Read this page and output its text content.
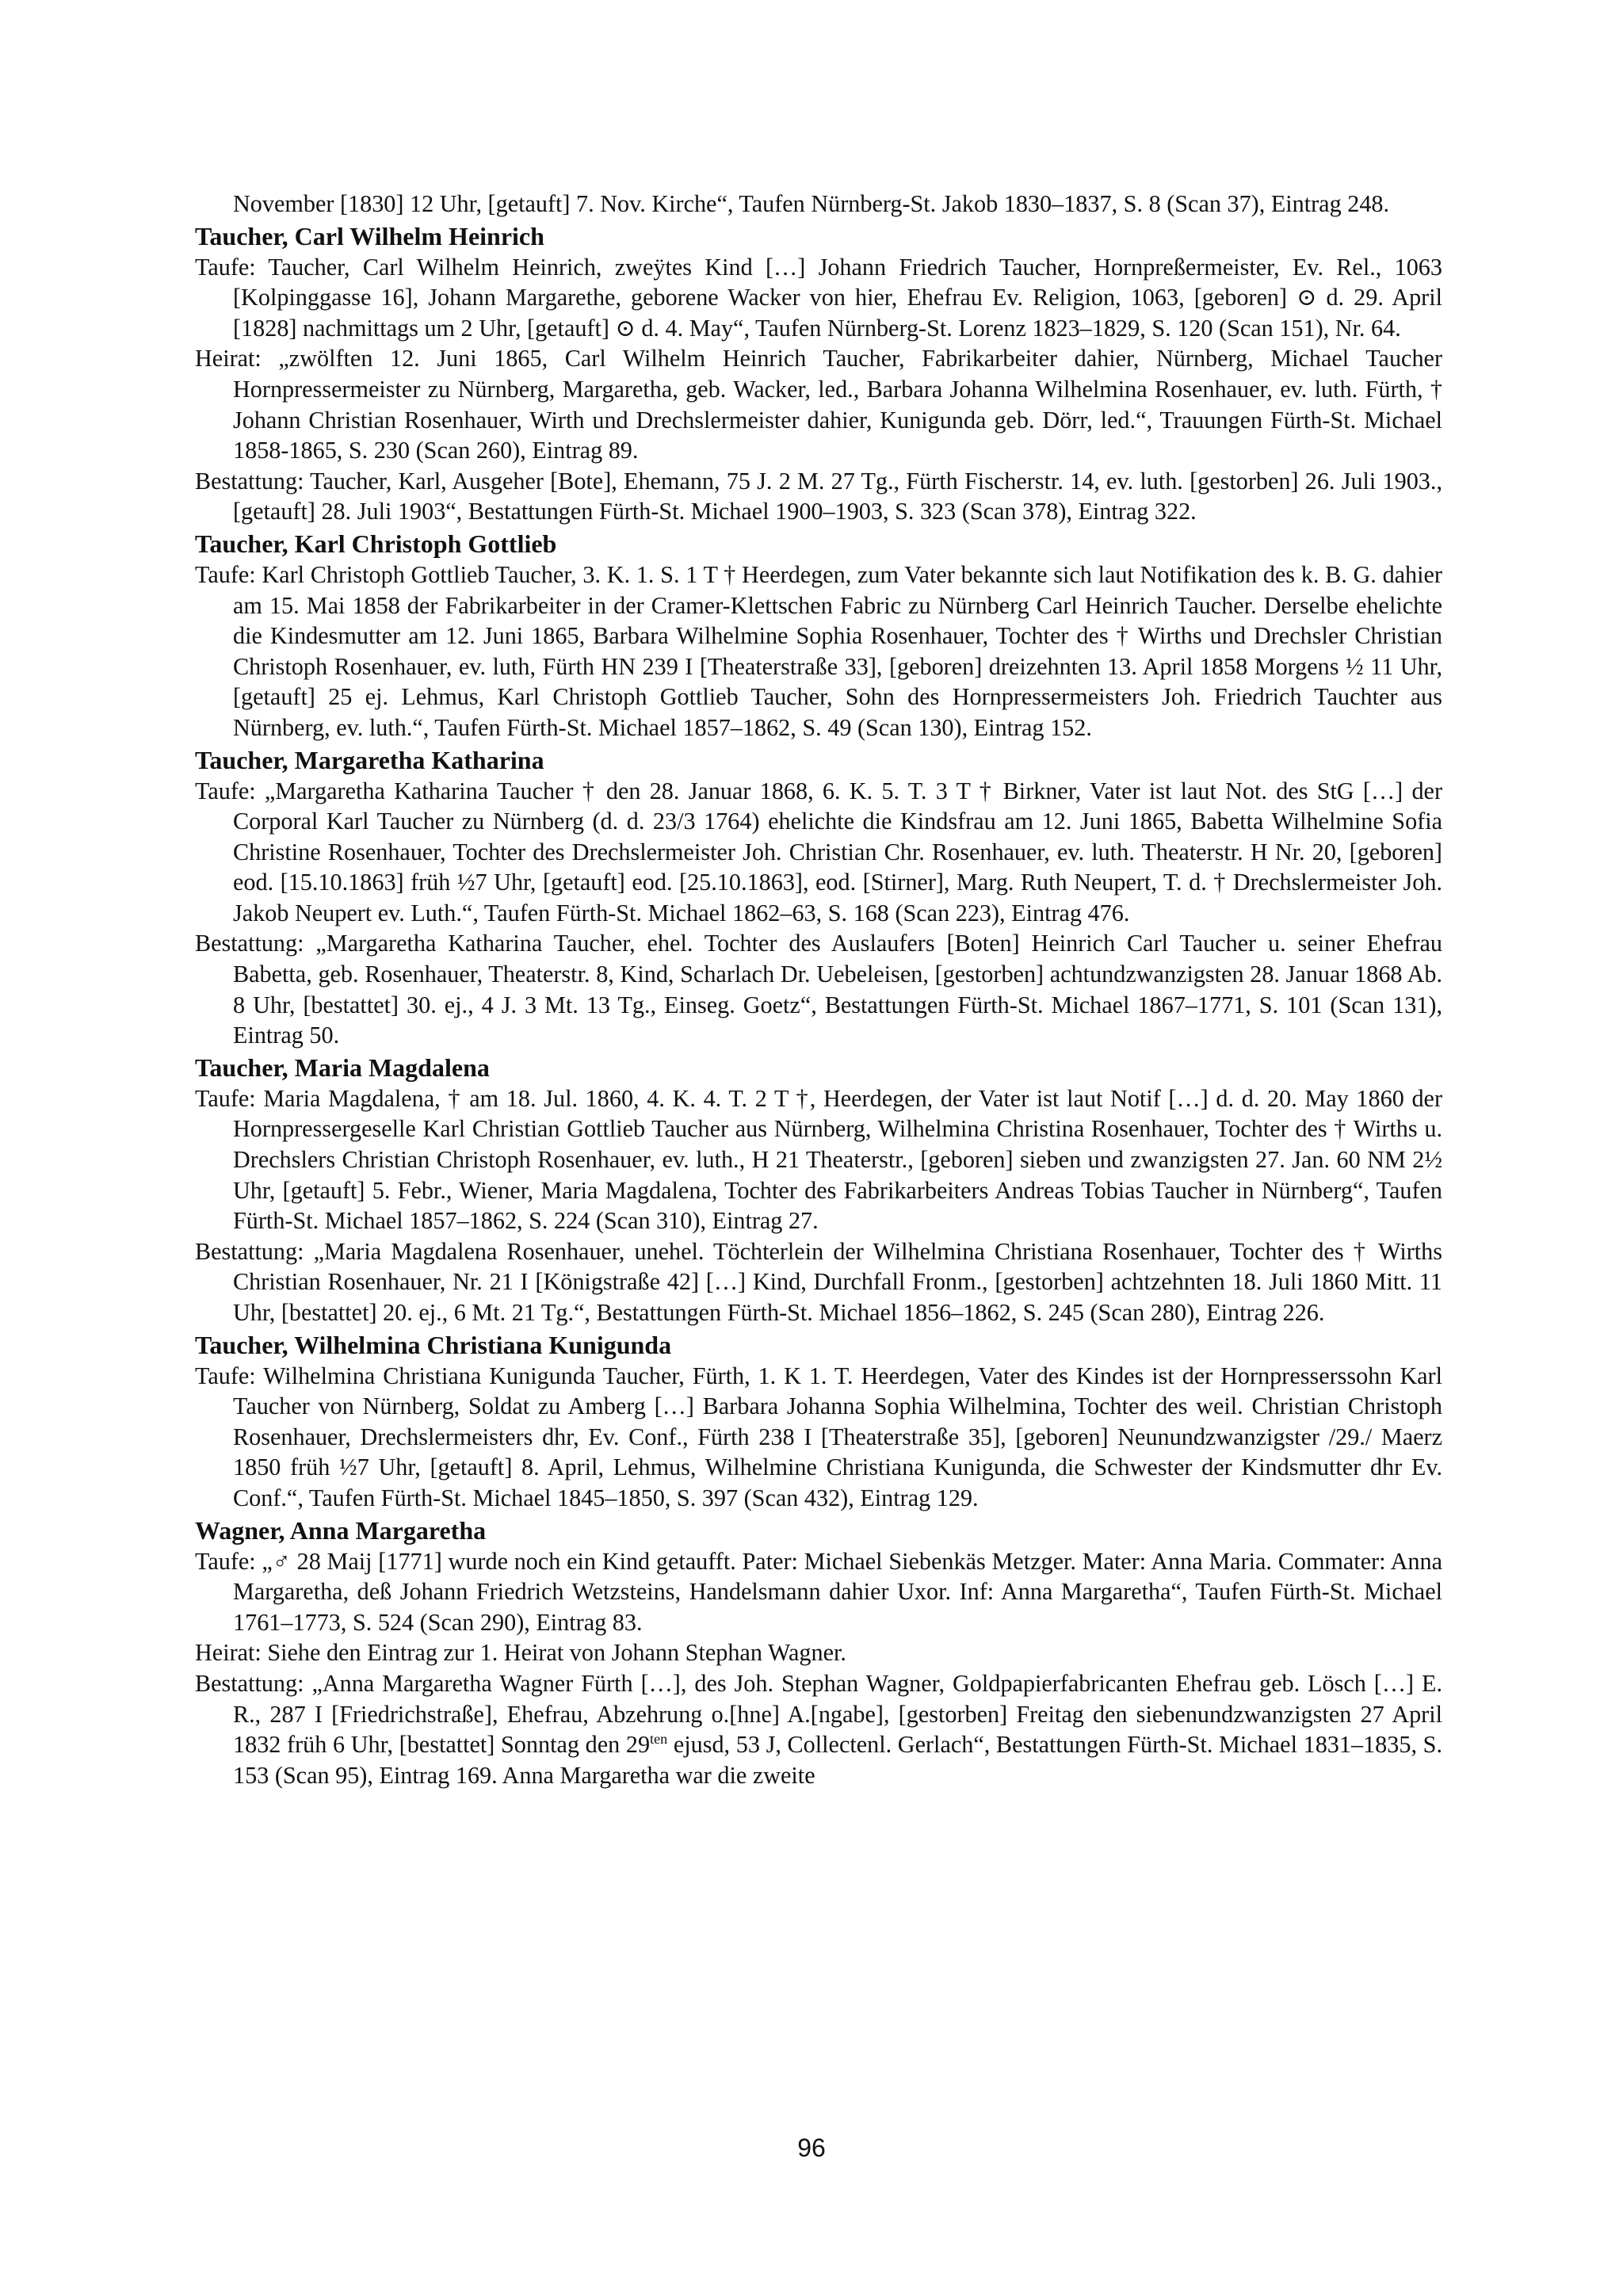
November [1830] 12 Uhr, [getauft] 7. Nov. Kirche“, Taufen Nürnberg-St. Jakob 1830–1837, S. 8 (Scan 37), Eintrag 248.

Taucher, Carl Wilhelm Heinrich

Taufe: Taucher, Carl Wilhelm Heinrich, zweÿtes Kind […] Johann Friedrich Taucher, Hornpreßermeister, Ev. Rel., 1063 [Kolpinggasse 16], Johann Margarethe, geborene Wacker von hier, Ehefrau Ev. Religion, 1063, [geboren] ⊙ d. 29. April [1828] nachmittags um 2 Uhr, [getauft] ⊙ d. 4. May“, Taufen Nürnberg-St. Lorenz 1823–1829, S. 120 (Scan 151), Nr. 64.

Heirat: „zwölften 12. Juni 1865, Carl Wilhelm Heinrich Taucher, Fabrikarbeiter dahier, Nürnberg, Michael Taucher Hornpressermeister zu Nürnberg, Margaretha, geb. Wacker, led., Barbara Johanna Wilhelmina Rosenhauer, ev. luth. Fürth, † Johann Christian Rosenhauer, Wirth und Drechslermeister dahier, Kunigunda geb. Dörr, led.“, Trauungen Fürth-St. Michael 1858-1865, S. 230 (Scan 260), Eintrag 89.

Bestattung: Taucher, Karl, Ausgeher [Bote], Ehemann, 75 J. 2 M. 27 Tg., Fürth Fischerstr. 14, ev. luth. [gestorben] 26. Juli 1903., [getauft] 28. Juli 1903“, Bestattungen Fürth-St. Michael 1900–1903, S. 323 (Scan 378), Eintrag 322.

Taucher, Karl Christoph Gottlieb

Taufe: Karl Christoph Gottlieb Taucher, 3. K. 1. S. 1 T † Heerdegen, zum Vater bekannte sich laut Notifikation des k. B. G. dahier am 15. Mai 1858 der Fabrikarbeiter in der Cramer-Klettschen Fabric zu Nürnberg Carl Heinrich Taucher. Derselbe ehelichte die Kindesmutter am 12. Juni 1865, Barbara Wilhelmine Sophia Rosenhauer, Tochter des † Wirths und Drechsler Christian Christoph Rosenhauer, ev. luth, Fürth HN 239 I [Theaterstraße 33], [geboren] dreizehnten 13. April 1858 Morgens ½ 11 Uhr, [getauft] 25 ej. Lehmus, Karl Christoph Gottlieb Taucher, Sohn des Hornpressermeisters Joh. Friedrich Tauchter aus Nürnberg, ev. luth.“, Taufen Fürth-St. Michael 1857–1862, S. 49 (Scan 130), Eintrag 152.

Taucher, Margaretha Katharina

Taufe: „Margaretha Katharina Taucher † den 28. Januar 1868, 6. K. 5. T. 3 T † Birkner, Vater ist laut Not. des StG […] der Corporal Karl Taucher zu Nürnberg (d. d. 23/3 1764) ehelichte die Kindsfrau am 12. Juni 1865, Babetta Wilhelmine Sofia Christine Rosenhauer, Tochter des Drechslermeister Joh. Christian Chr. Rosenhauer, ev. luth. Theaterstr. H Nr. 20, [geboren] eod. [15.10.1863] früh ½7 Uhr, [getauft] eod. [25.10.1863], eod. [Stirner], Marg. Ruth Neupert, T. d. † Drechslermeister Joh. Jakob Neupert ev. Luth.“, Taufen Fürth-St. Michael 1862–63, S. 168 (Scan 223), Eintrag 476.

Bestattung: „Margaretha Katharina Taucher, ehel. Tochter des Auslaufers [Boten] Heinrich Carl Taucher u. seiner Ehefrau Babetta, geb. Rosenhauer, Theaterstr. 8, Kind, Scharlach Dr. Uebeleisen, [gestorben] achtundzwanzigsten 28. Januar 1868 Ab. 8 Uhr, [bestattet] 30. ej., 4 J. 3 Mt. 13 Tg., Einseg. Goetz“, Bestattungen Fürth-St. Michael 1867–1771, S. 101 (Scan 131), Eintrag 50.

Taucher, Maria Magdalena

Taufe: Maria Magdalena, † am 18. Jul. 1860, 4. K. 4. T. 2 T †, Heerdegen, der Vater ist laut Notif […] d. d. 20. May 1860 der Hornpressergeselle Karl Christian Gottlieb Taucher aus Nürnberg, Wilhelmina Christina Rosenhauer, Tochter des † Wirths u. Drechslers Christian Christoph Rosenhauer, ev. luth., H 21 Theaterstr., [geboren] sieben und zwanzigsten 27. Jan. 60 NM 2½ Uhr, [getauft] 5. Febr., Wiener, Maria Magdalena, Tochter des Fabrikarbeiters Andreas Tobias Taucher in Nürnberg“, Taufen Fürth-St. Michael 1857–1862, S. 224 (Scan 310), Eintrag 27.

Bestattung: „Maria Magdalena Rosenhauer, unehel. Töchterlein der Wilhelmina Christiana Rosenhauer, Tochter des † Wirths Christian Rosenhauer, Nr. 21 I [Königstraße 42] […] Kind, Durchfall Fronm., [gestorben] achtzehnten 18. Juli 1860 Mitt. 11 Uhr, [bestattet] 20. ej., 6 Mt. 21 Tg.“, Bestattungen Fürth-St. Michael 1856–1862, S. 245 (Scan 280), Eintrag 226.

Taucher, Wilhelmina Christiana Kunigunda

Taufe: Wilhelmina Christiana Kunigunda Taucher, Fürth, 1. K 1. T. Heerdegen, Vater des Kindes ist der Hornpresserssohn Karl Taucher von Nürnberg, Soldat zu Amberg […] Barbara Johanna Sophia Wilhelmina, Tochter des weil. Christian Christoph Rosenhauer, Drechslermeisters dhr, Ev. Conf., Fürth 238 I [Theaterstraße 35], [geboren] Neunundzwanzigster /29./ Maerz 1850 früh ½7 Uhr, [getauft] 8. April, Lehmus, Wilhelmine Christiana Kunigunda, die Schwester der Kindsmutter dhr Ev. Conf.“, Taufen Fürth-St. Michael 1845–1850, S. 397 (Scan 432), Eintrag 129.

Wagner, Anna Margaretha

Taufe: „♂ 28 Maij [1771] wurde noch ein Kind getaufft. Pater: Michael Siebenkäs Metzger. Mater: Anna Maria. Commater: Anna Margaretha, deß Johann Friedrich Wetzsteins, Handelsmann dahier Uxor. Inf: Anna Margaretha“, Taufen Fürth-St. Michael 1761–1773, S. 524 (Scan 290), Eintrag 83.

Heirat: Siehe den Eintrag zur 1. Heirat von Johann Stephan Wagner.

Bestattung: „Anna Margaretha Wagner Fürth […], des Joh. Stephan Wagner, Goldpapierfabricanten Ehefrau geb. Lösch […] E. R., 287 I [Friedrichstraße], Ehefrau, Abzehrung o.[hne] A.[ngabe], [gestorben] Freitag den siebenundzwanzigsten 27 April 1832 früh 6 Uhr, [bestattet] Sonntag den $29^{ten}$ ejusd, 53 J, Collectenl. Gerlach“, Bestattungen Fürth-St. Michael 1831–1835, S. 153 (Scan 95), Eintrag 169. Anna Margaretha war die zweite

96
